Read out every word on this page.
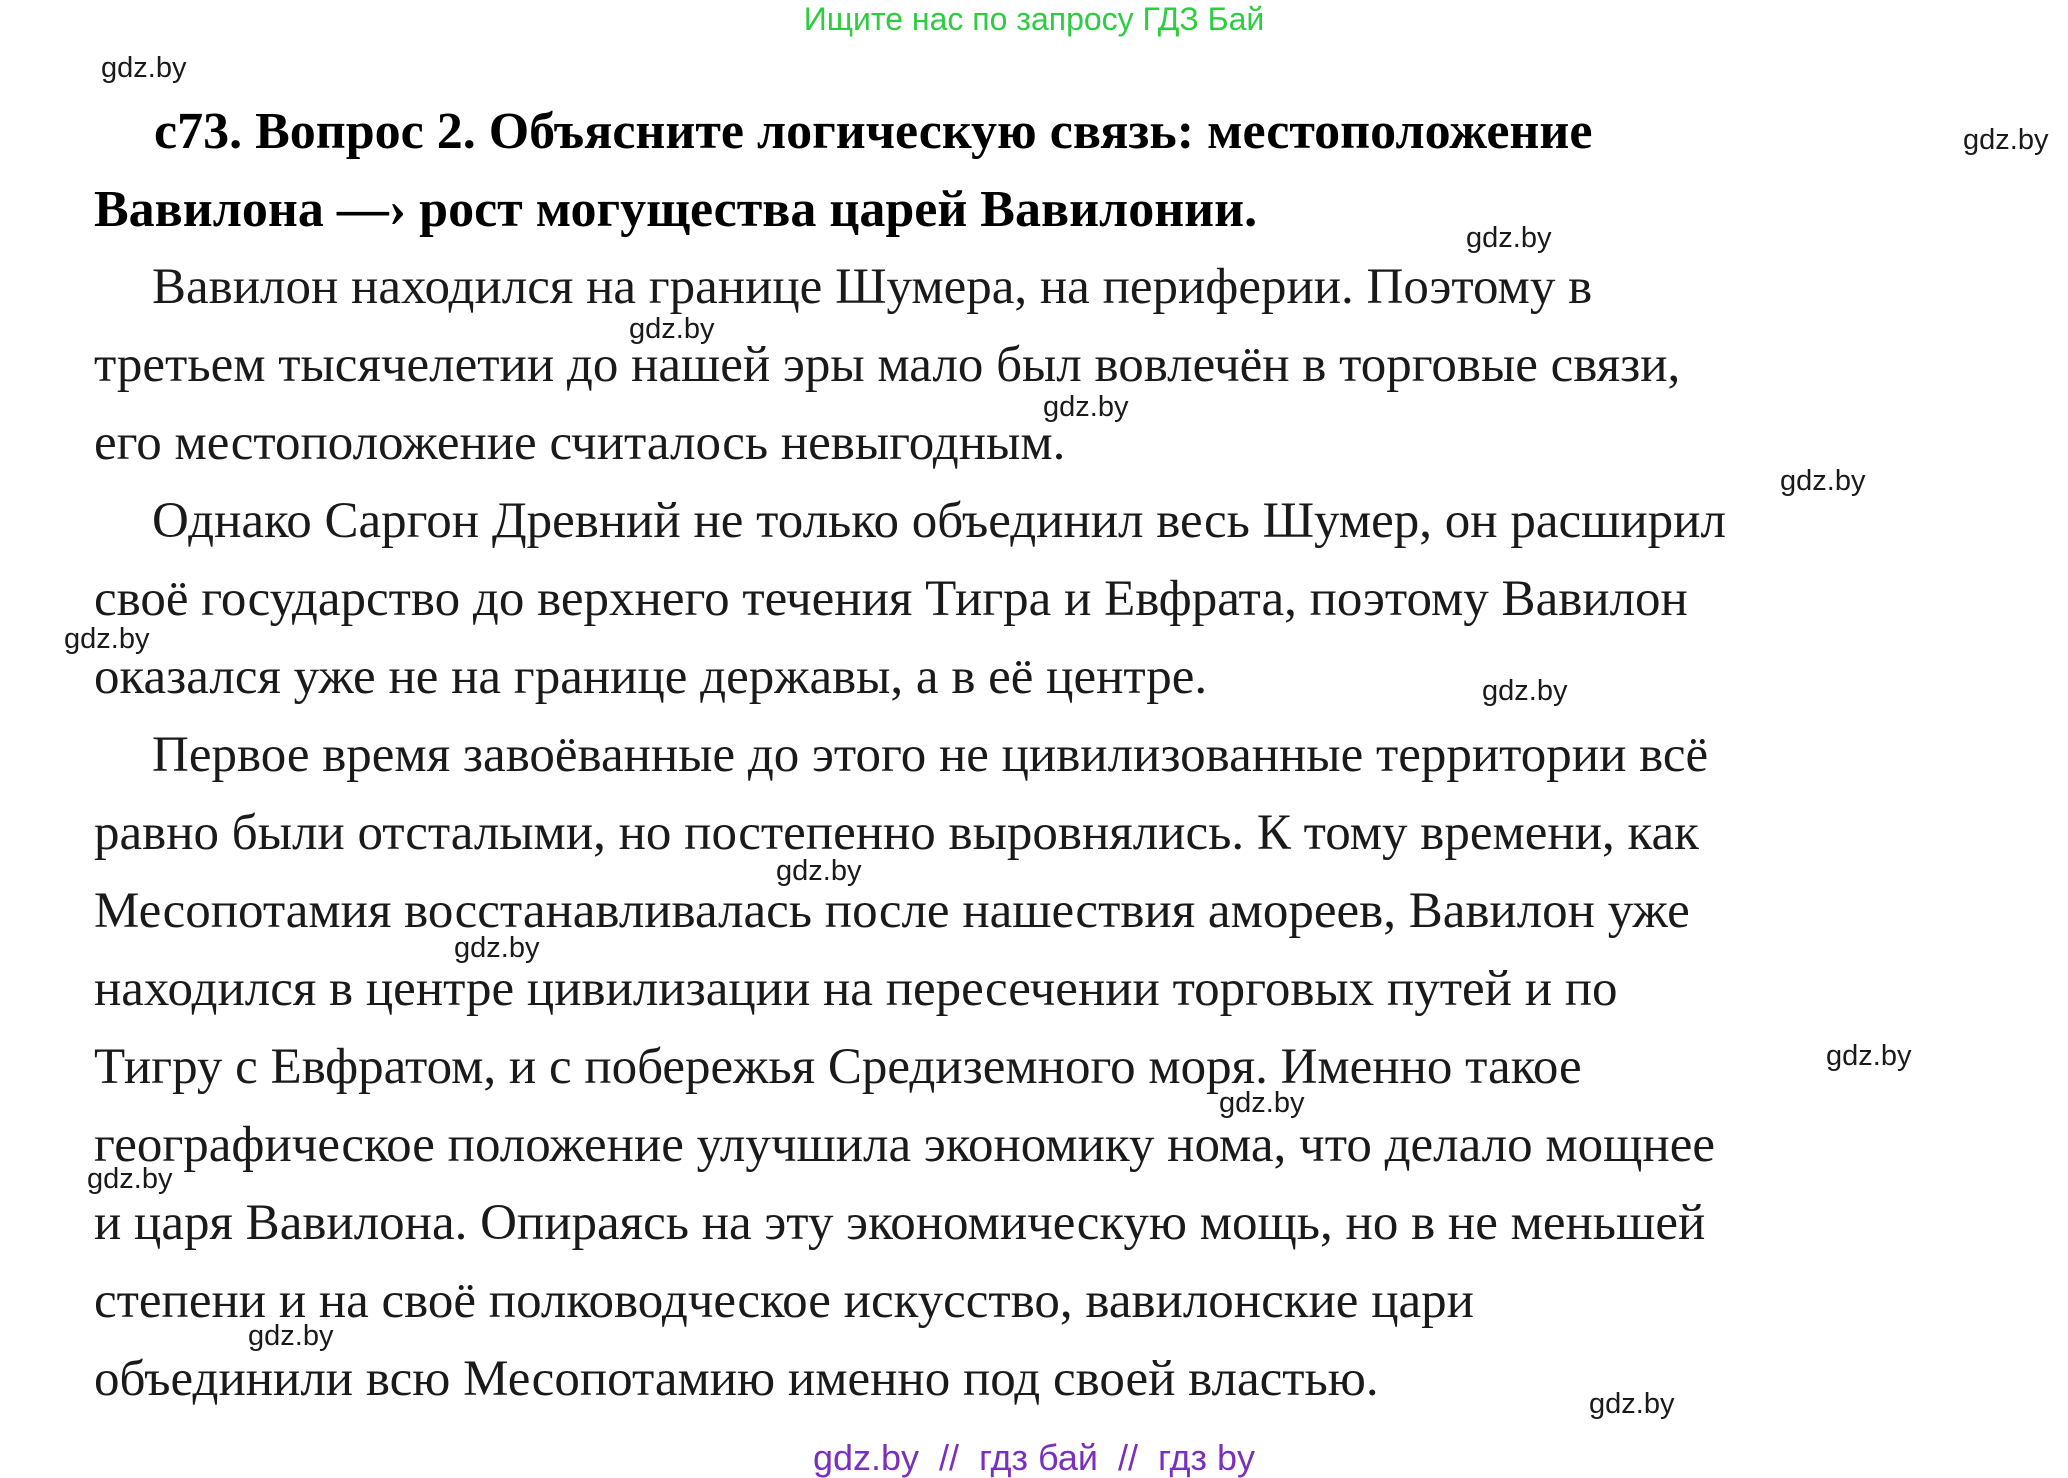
Ищите нас по запросу ГДЗ Бай
gdz.by
gdz.by
gdz.by
gdz.by
gdz.by
gdz.by
gdz.by
gdz.by
gdz.by
gdz.by
gdz.by
gdz.by
gdz.by
gdz.by
gdz.by
с73. Вопрос 2. Объясните логическую связь: местоположение
Вавилона —› рост могущества царей Вавилонии.
Вавилон находился на границе Шумера, на периферии. Поэтому в
третьем тысячелетии до нашей эры мало был вовлечён в торговые связи,
его местоположение считалось невыгодным.
Однако Саргон Древний не только объединил весь Шумер, он расширил
своё государство до верхнего течения Тигра и Евфрата, поэтому Вавилон
оказался уже не на границе державы, а в её центре.
Первое время завоёванные до этого не цивилизованные территории всё
равно были отсталыми, но постепенно выровнялись. К тому времени, как
Месопотамия восстанавливалась после нашествия амореев, Вавилон уже
находился в центре цивилизации на пересечении торговых путей и по
Тигру с Евфратом, и с побережья Средиземного моря. Именно такое
географическое положение улучшила экономику нома, что делало мощнее
и царя Вавилона. Опираясь на эту экономическую мощь, но в не меньшей
степени и на своё полководческое искусство, вавилонские цари
объединили всю Месопотамию именно под своей властью.
gdz.by  //  гдз бай  //  гдз by
